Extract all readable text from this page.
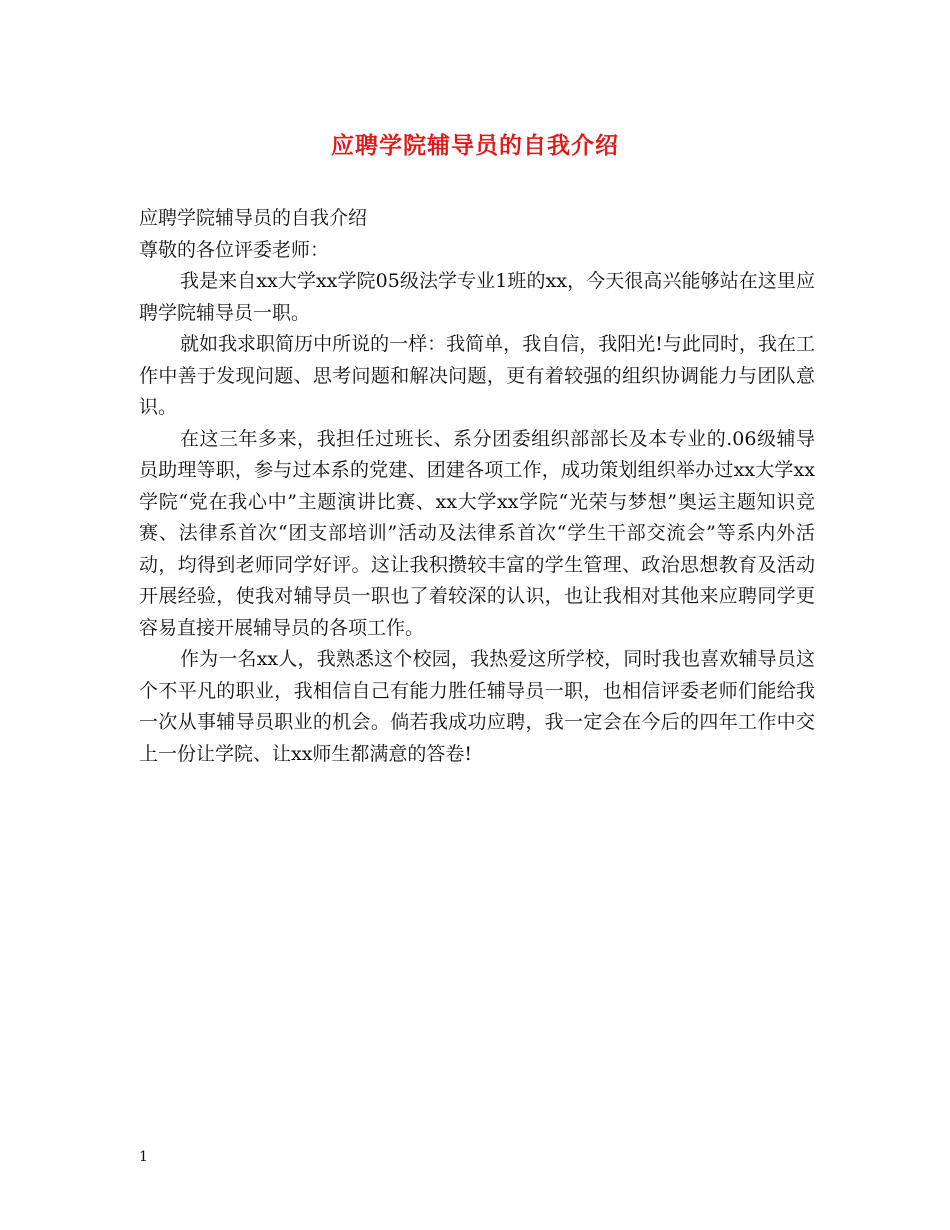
应聘学院辅导员的自我介绍

应聘学院辅导员的自我介绍

尊敬的各位评委老师：

我是来自xx大学xx学院05级法学专业1班的xx，今天很高兴能够站在这里应聘学院辅导员一职。

就如我求职简历中所说的一样：我简单，我自信，我阳光!与此同时，我在工作中善于发现问题、思考问题和解决问题，更有着较强的组织协调能力与团队意识。

在这三年多来，我担任过班长、系分团委组织部部长及本专业的.06级辅导员助理等职，参与过本系的党建、团建各项工作，成功策划组织举办过xx大学xx学院“党在我心中”主题演讲比赛、xx大学xx学院“光荣与梦想”奥运主题知识竞赛、法律系首次“团支部培训”活动及法律系首次“学生干部交流会”等系内外活动，均得到老师同学好评。这让我积攒较丰富的学生管理、政治思想教育及活动开展经验，使我对辅导员一职也了着较深的认识，也让我相对其他来应聘同学更容易直接开展辅导员的各项工作。

作为一名xx人，我熟悉这个校园，我热爱这所学校，同时我也喜欢辅导员这个不平凡的职业，我相信自己有能力胜任辅导员一职，也相信评委老师们能给我一次从事辅导员职业的机会。倘若我成功应聘，我一定会在今后的四年工作中交上一份让学院、让xx师生都满意的答卷!

1
